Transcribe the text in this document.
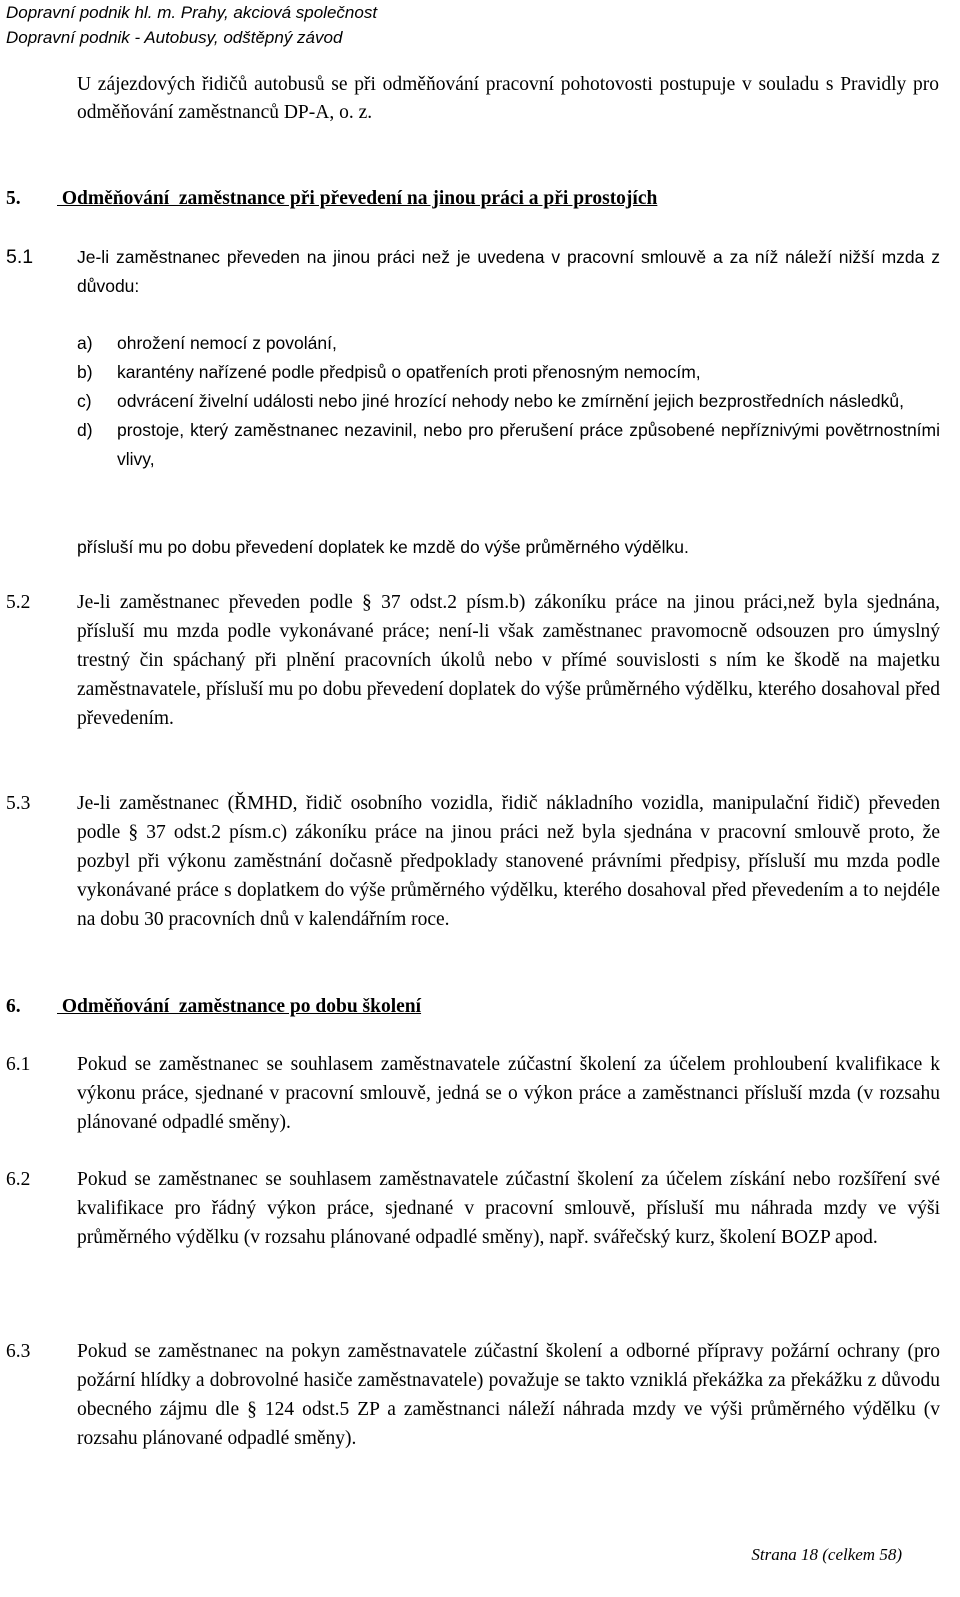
Dopravní podnik hl. m. Prahy, akciová společnost
Dopravní podnik - Autobusy, odštěpný závod
U zájezdových řidičů autobusů se při odměňování pracovní pohotovosti postupuje v souladu s Pravidly pro odměňování zaměstnanců DP-A, o. z.
5. Odměňování  zaměstnance při převedení na jinou práci a při prostojích
5.1	Je-li zaměstnanec převeden na jinou práci než je uvedena v pracovní smlouvě a za níž náleží nižší mzda z důvodu:
a) ohrožení nemocí z povolání,
b) karantény nařízené podle předpisů o opatřeních proti přenosným nemocím,
c) odvrácení živelní události nebo jiné hrozící nehody nebo ke zmírnění jejich bezprostředních následků,
d) prostoje, který zaměstnanec nezavinil, nebo pro přerušení práce způsobené nepříznivými povětrnostními vlivy,
přísluší mu po dobu převedení doplatek ke mzdě do výše průměrného výdělku.
5.2 Je-li zaměstnanec převeden podle § 37 odst.2 písm.b) zákoníku práce na jinou práci,než byla sjednána, přísluší mu mzda podle vykonávané práce; není-li však zaměstnanec pravomocně odsouzen pro úmyslný trestný čin spáchaný při plnění pracovních úkolů nebo v přímé souvislosti s ním ke škodě na majetku zaměstnavatele, přísluší mu po dobu převedení doplatek do výše průměrného výdělku, kterého dosahoval před převedením.
5.3 Je-li zaměstnanec (ŘMHD, řidič osobního vozidla, řidič nákladního vozidla, manipulační řidič) převeden podle § 37 odst.2 písm.c) zákoníku práce na jinou práci než byla sjednána v pracovní smlouvě proto, že pozbyl při výkonu zaměstnání dočasně předpoklady stanovené právními předpisy, přísluší mu mzda podle vykonávané práce s doplatkem do výše průměrného výdělku, kterého dosahoval před převedením a to nejdéle na dobu 30 pracovních dnů v kalendářním roce.
6. Odměňování  zaměstnance po dobu školení
6.1 Pokud se zaměstnanec se souhlasem zaměstnavatele zúčastní školení za účelem prohloubení kvalifikace k výkonu práce, sjednané v pracovní smlouvě, jedná se o výkon práce a zaměstnanci přísluší mzda (v rozsahu plánované odpadlé směny).
6.2 Pokud se zaměstnanec se souhlasem zaměstnavatele zúčastní školení za účelem získání nebo rozšíření své kvalifikace pro řádný výkon práce, sjednané v pracovní smlouvě, přísluší mu náhrada mzdy ve výši průměrného výdělku (v rozsahu plánované odpadlé směny), např. svářečský kurz, školení BOZP apod.
6.3 Pokud se zaměstnanec na pokyn zaměstnavatele zúčastní školení a odborné přípravy požární ochrany (pro požární hlídky a dobrovolné hasiče zaměstnavatele) považuje se takto vzniklá překážka za překážku z důvodu obecného zájmu dle § 124 odst.5 ZP a zaměstnanci náleží náhrada mzdy ve výši průměrného výdělku (v rozsahu plánované odpadlé směny).
Strana 18 (celkem 58)
